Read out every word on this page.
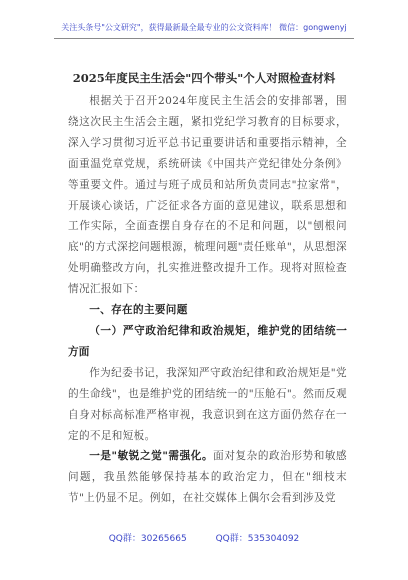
关注头条号"公文研究"，获得最新最全最专业的公文资料库！ 微信：gongwenyj
2025年度民主生活会"四个带头"个人对照检查材料

根据关于召开2024年度民主生活会的安排部署，围绕这次民主生活会主题，紧扣党纪学习教育的目标要求，深入学习贯彻习近平总书记重要讲话和重要指示精神，全面重温党章党规，系统研读《中国共产党纪律处分条例》等重要文件。通过与班子成员和站所负责同志"拉家常"，开展谈心谈话，广泛征求各方面的意见建议，联系思想和工作实际，全面查摆自身存在的不足和问题，以"刨根问底"的方式深挖问题根源，梳理问题"责任账单"，从思想深处明确整改方向，扎实推进整改提升工作。现将对照检查情况汇报如下：

一、存在的主要问题

（一）严守政治纪律和政治规矩，维护党的团结统一方面

作为纪委书记，我深知严守政治纪律和政治规矩是"党的生命线"，也是维护党的团结统一的"压舱石"。然而反观自身对标高标准严格审视，我意识到在这方面仍然存在一定的不足和短板。

一是"敏锐之觉"需强化。面对复杂的政治形势和敏感问题，我虽然能够保持基本的政治定力，但在"细枝末节"上仍显不足。例如，在社交媒体上偶尔会看到涉及党

QQ群：30265665	QQ群：535304092
